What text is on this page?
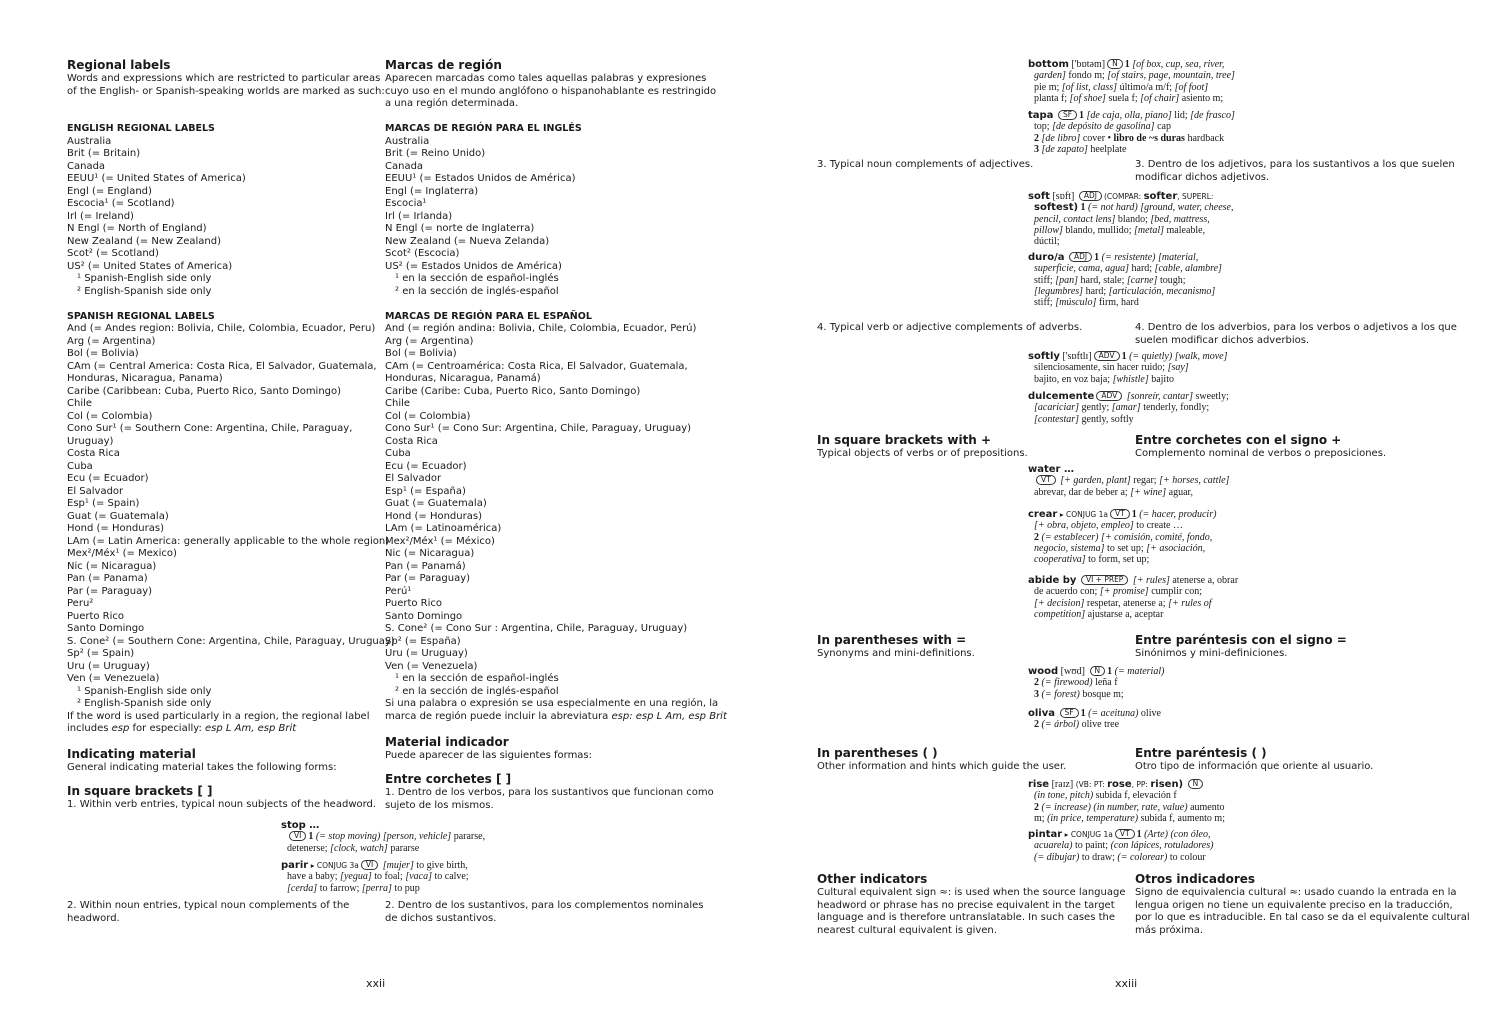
Regional labels
Words and expressions which are restricted to particular areas
of the English- or Spanish-speaking worlds are marked as such:
ENGLISH REGIONAL LABELS
Australia
Brit (= Britain)
Canada
EEUU¹ (= United States of America)
Engl (= England)
Escocia¹ (= Scotland)
Irl (= Ireland)
N Engl (= North of England)
New Zealand (= New Zealand)
Scot² (= Scotland)
US² (= United States of America)
¹ Spanish-English side only
² English-Spanish side only
SPANISH REGIONAL LABELS
And (= Andes region: Bolivia, Chile, Colombia, Ecuador, Peru)
Arg (= Argentina)
Bol (= Bolivia)
CAm (= Central America: Costa Rica, El Salvador, Guatemala,
Honduras, Nicaragua, Panama)
Caribe (Caribbean: Cuba, Puerto Rico, Santo Domingo)
Chile
Col (= Colombia)
Cono Sur¹ (= Southern Cone: Argentina, Chile, Paraguay,
Uruguay)
Costa Rica
Cuba
Ecu (= Ecuador)
El Salvador
Esp¹ (= Spain)
Guat (= Guatemala)
Hond (= Honduras)
LAm (= Latin America: generally applicable to the whole region)
Mex²/Méx¹ (= Mexico)
Nic (= Nicaragua)
Pan (= Panama)
Par (= Paraguay)
Peru²
Puerto Rico
Santo Domingo
S. Cone² (= Southern Cone: Argentina, Chile, Paraguay, Uruguay)
Sp² (= Spain)
Uru (= Uruguay)
Ven (= Venezuela)
¹ Spanish-English side only
² English-Spanish side only
If the word is used particularly in a region, the regional label
includes esp for especially: esp L Am, esp Brit
Marcas de región
Aparecen marcadas como tales aquellas palabras y expresiones
cuyo uso en el mundo anglófono o hispanohablante es restringido
a una región determinada.
MARCAS DE REGIÓN PARA EL INGLÉS
Australia
Brit (= Reino Unido)
Canada
EEUU¹ (= Estados Unidos de América)
Engl (= Inglaterra)
Escocia¹
Irl (= Irlanda)
N Engl (= norte de Inglaterra)
New Zealand (= Nueva Zelanda)
Scot² (Escocia)
US² (= Estados Unidos de América)
¹ en la sección de español-inglés
² en la sección de inglés-español
MARCAS DE REGIÓN PARA EL ESPAÑOL
And (= región andina: Bolivia, Chile, Colombia, Ecuador, Perú)
Arg (= Argentina)
Bol (= Bolivia)
CAm (= Centroamérica: Costa Rica, El Salvador, Guatemala,
Honduras, Nicaragua, Panamá)
Caribe (Caribe: Cuba, Puerto Rico, Santo Domingo)
Chile
Col (= Colombia)
Cono Sur¹ (= Cono Sur: Argentina, Chile, Paraguay, Uruguay)
Costa Rica
Cuba
Ecu (= Ecuador)
El Salvador
Esp¹ (= España)
Guat (= Guatemala)
Hond (= Honduras)
LAm (= Latinoamérica)
Mex²/Méx¹ (= México)
Nic (= Nicaragua)
Pan (= Panamá)
Par (= Paraguay)
Perú¹
Puerto Rico
Santo Domingo
S. Cone² (= Cono Sur : Argentina, Chile, Paraguay, Uruguay)
Sp² (= España)
Uru (= Uruguay)
Ven (= Venezuela)
¹ en la sección de español-inglés
² en la sección de inglés-español
Si una palabra o expresión se usa especialmente en una región, la
marca de región puede incluir la abreviatura esp: esp L Am, esp Brit
Indicating material
General indicating material takes the following forms:
Material indicador
Puede aparecer de las siguientes formas:
In square brackets [ ]
1. Within verb entries, typical noun subjects of the headword.
Entre corchetes [ ]
1. Dentro de los verbos, para los sustantivos que funcionan como
sujeto de los mismos.
stop …
VI 1 (= stop moving) [person, vehicle] pararse,
detenerse; [clock, watch] pararse
parir ▸ CONJUG 3a VI [mujer] to give birth,
have a baby; [yegua] to foal; [vaca] to calve;
[cerda] to farrow; [perra] to pup
2. Within noun entries, typical noun complements of the
headword.
2. Dentro de los sustantivos, para los complementos nominales
de dichos sustantivos.
xxii
bottom ['bɒtəm] N 1 [of box, cup, sea, river,
garden] fondo m; [of stairs, page, mountain, tree]
pie m; [of list, class] último/a m/f; [of foot]
planta f; [of shoe] suela f; [of chair] asiento m;
tapa SF 1 [de caja, olla, piano] lid; [de frasco]
top; [de depósito de gasolina] cap
2 [de libro] cover • libro de ~s duras hardback
3 [de zapato] heelplate
3. Typical noun complements of adjectives.	3. Dentro de los adjetivos, para los sustantivos a los que suelen
modificar dichos adjetivos.
soft [sɒft] ADJ (COMPAR: softer, SUPERL:
softest) 1 (= not hard) [ground, water, cheese,
pencil, contact lens] blando; [bed, mattress,
pillow] blando, mullido; [metal] maleable,
dúctil;
duro/a ADJ 1 (= resistente) [material,
superficie, cama, agua] hard; [cable, alambre]
stiff; [pan] hard, stale; [carne] tough;
[legumbres] hard; [articulación, mecanismo]
stiff; [músculo] firm, hard
4. Typical verb or adjective complements of adverbs.	4. Dentro de los adverbios, para los verbos o adjetivos a los que
suelen modificar dichos adverbios.
softly ['sɒftlɪ] ADV 1 (= quietly) [walk, move]
silenciosamente, sin hacer ruido; [say]
bajito, en voz baja; [whistle] bajito
dulcemente ADV [sonreír, cantar] sweetly;
[acariciar] gently; [amar] tenderly, fondly;
[contestar] gently, softly
In square brackets with +
Typical objects of verbs or of prepositions.
Entre corchetes con el signo +
Complemento nominal de verbos o preposiciones.
water …
VT [+ garden, plant] regar; [+ horses, cattle]
abrevar, dar de beber a; [+ wine] aguar,
crear ▸ CONJUG 1a VT 1 (= hacer, producir)
[+ obra, objeto, empleo] to create …
2 (= establecer) [+ comisión, comité, fondo,
negocio, sistema] to set up; [+ asociación,
cooperativa] to form, set up;
abide by VI + PREP [+ rules] atenerse a, obrar
de acuerdo con; [+ promise] cumplir con;
[+ decision] respetar, atenerse a; [+ rules of
competition] ajustarse a, aceptar
In parentheses with =
Synonyms and mini-definitions.
Entre paréntesis con el signo =
Sinónimos y mini-definiciones.
wood [wʊd] N 1 (= material)
2 (= firewood) leña f
3 (= forest) bosque m;
oliva SF 1 (= aceituna) olive
2 (= árbol) olive tree
In parentheses ( )
Other information and hints which guide the user.
Entre paréntesis ( )
Otro tipo de información que oriente al usuario.
rise [raɪz] (VB: PT: rose, PP: risen) N
(in tone, pitch) subida f, elevación f
2 (= increase) (in number, rate, value) aumento
m; (in price, temperature) subida f, aumento m;
pintar ▸ CONJUG 1a VT 1 (Arte) (con óleo,
acuarela) to paint; (con lápices, rotuladores)
(= dibujar) to draw; (= colorear) to colour
Other indicators
Cultural equivalent sign ≈: is used when the source language
headword or phrase has no precise equivalent in the target
language and is therefore untranslatable. In such cases the
nearest cultural equivalent is given.
Otros indicadores
Signo de equivalencia cultural ≈: usado cuando la entrada en la
lengua origen no tiene un equivalente preciso en la traducción,
por lo que es intraducible. En tal caso se da el equivalente cultural
más próxima.
xxiii
